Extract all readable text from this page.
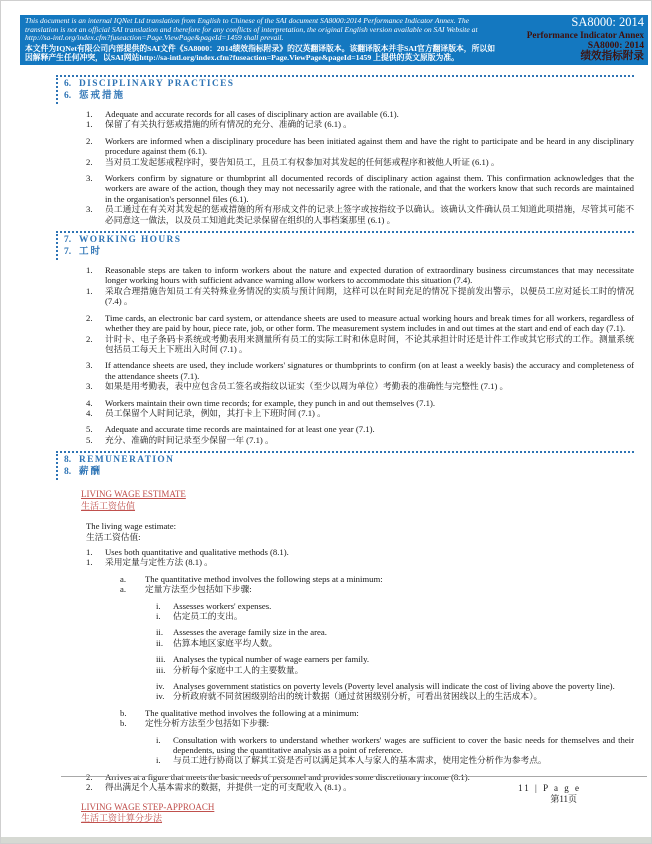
This document is an internal IQNet Ltd translation from English to Chinese of the SAI document SA8000:2014 Performance Indicator Annex. The translation is not an official SAI translation and therefore for any conflicts of interpretation, the original English version available on SAI Website at http://sa-intl.org/index.cfm?fuseaction=Page.ViewPage&pageId=1459 shall prevail.
本文件为IQNet有限公司内部提供的SAI文件《SA8000：2014绩效指标附录》的汉英翻译版本。该翻译版本并非SAI官方翻译版本，所以如因解释产生任何冲突，以SAI网站http://sa-intl.org/index.cfm?fuseaction=Page.ViewPage&pageId=1459 上提供的英文原版为准。
SA8000: 2014
Performance Indicator Annex
SA8000: 2014
绩效指标附录
6. DISCIPLINARY PRACTICES
6. 惩戒措施
1.	Adequate and accurate records for all cases of disciplinary action are available (6.1).
1.	保留了有关执行惩戒措施的所有情况的充分、准确的记录 (6.1) 。
2.	Workers are informed when a disciplinary procedure has been initiated against them and have the right to participate and be heard in any disciplinary procedure against them (6.1).
2.	当对员工发起惩戒程序时，要告知员工，且员工有权参加对其发起的任何惩戒程序和被他人听证 (6.1) 。
3.	Workers confirm by signature or thumbprint all documented records of disciplinary action against them. This confirmation acknowledges that the workers are aware of the action, though they may not necessarily agree with the rationale, and that the workers know that such records are maintained in the organisation's personnel files (6.1).
3.	员工通过在有关对其发起的惩戒措施的所有形成文件的记录上签字或按指纹予以确认。该确认文件确认员工知道此项措施，尽管其可能不必同意这一做法，以及员工知道此类记录保留在组织的人事档案那里 (6.1) 。
7. WORKING HOURS
7. 工时
1.	Reasonable steps are taken to inform workers about the nature and expected duration of extraordinary business circumstances that may necessitate longer working hours with sufficient advance warning allow workers to accommodate this situation (7.4).
1.	采取合理措施告知员工有关特殊业务情况的实质与预计间期，这样可以在时间充足的情况下提前发出警示，以便员工应对延长工时的情况 (7.4) 。
2.	Time cards, an electronic bar card system, or attendance sheets are used to measure actual working hours and break times for all workers, regardless of whether they are paid by hour, piece rate, job, or other form. The measurement system includes in and out times at the start and end of each day (7.1).
2.	计时卡、电子条码卡系统或考勤表用来测量所有员工的实际工时和休息时间，不论其承担计时还是计件工作或其它形式的工作。测量系统包括员工每天上下班出入时间 (7.1) 。
3.	If attendance sheets are used, they include workers' signatures or thumbprints to confirm (on at least a weekly basis) the accuracy and completeness of the attendance sheets (7.1).
3.	如果是用考勤表，表中应包含员工签名或指纹以证实（至少以周为单位）考勤表的准确性与完整性 (7.1) 。
4.	Workers maintain their own time records; for example, they punch in and out themselves (7.1).
4.	员工保留个人时间记录，例如，其打卡上下班时间 (7.1) 。
5.	Adequate and accurate time records are maintained for at least one year (7.1).
5.	充分、准确的时间记录至少保留一年 (7.1) 。
8. REMUNERATION
8. 薪酬
LIVING WAGE ESTIMATE
生活工资估值
The living wage estimate:
生活工资估值:
1.	Uses both quantitative and qualitative methods (8.1).
1.	采用定量与定性方法 (8.1) 。
a.	The quantitative method involves the following steps at a minimum:
a.	定量方法至少包括如下步骤:
i.	Assesses workers' expenses.
i.	估定员工的支出。
ii.	Assesses the average family size in the area.
ii.	估算本地区家庭平均人数。
iii. Analyses the typical number of wage earners per family.
iii. 分析每个家庭中工人的主要数量。
iv. Analyses government statistics on poverty levels (Poverty level analysis will indicate the cost of living above the poverty line).
iv. 分析政府就不同贫困级别给出的统计数据（通过贫困级别分析，可看出贫困线以上的生活成本）。
b.	The qualitative method involves the following at a minimum:
b.	定性分析方法至少包括如下步骤:
i.	Consultation with workers to understand whether workers' wages are sufficient to cover the basic needs for themselves and their dependents, using the quantitative analysis as a point of reference.
i.	与员工进行协商以了解其工资是否可以满足其本人与家人的基本需求，使用定性分析作为参考点。
2.	Arrives at a figure that meets the basic needs of personnel and provides some discretionary income (8.1).
2.	得出满足个人基本需求的数据，并提供一定的可支配收入 (8.1) 。
LIVING WAGE STEP-APPROACH
生活工资计算分步法
11 | P a g e
第11页
